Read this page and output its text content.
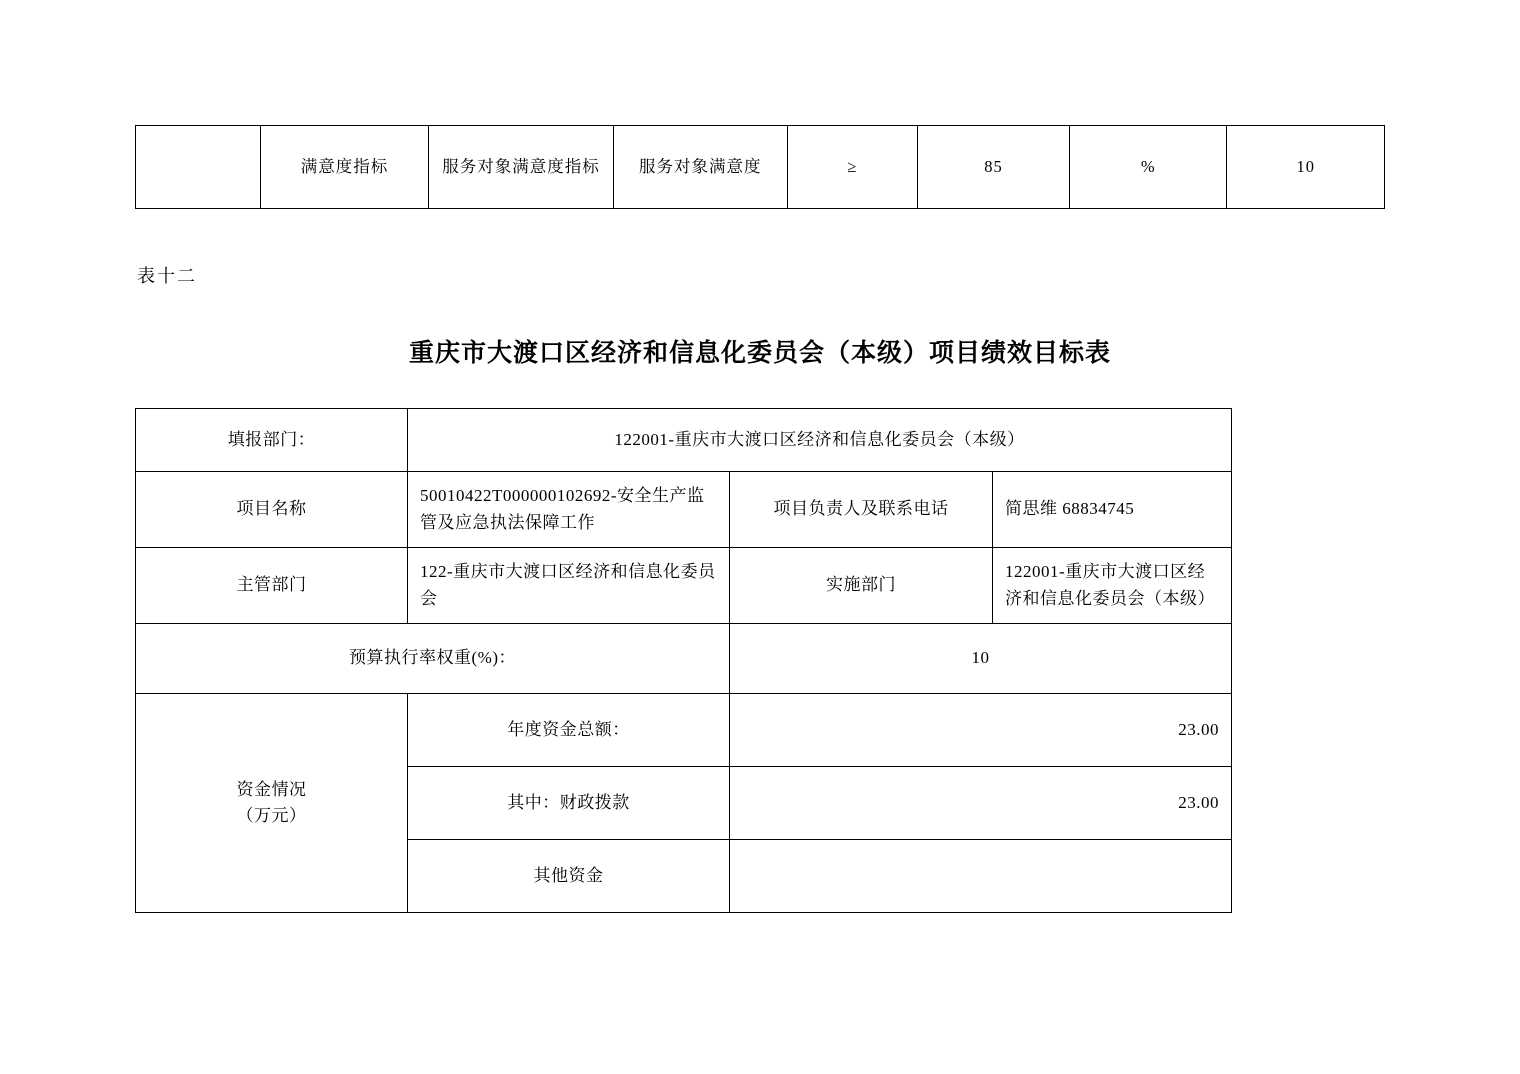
	满意度指标	服务对象满意度指标	服务对象满意度	≥	85	%	10
表十二
重庆市大渡口区经济和信息化委员会（本级）项目绩效目标表
填报部门：	122001-重庆市大渡口区经济和信息化委员会（本级）		
项目名称	50010422T000000102692-安全生产监管及应急执法保障工作	项目负责人及联系电话	简思维 68834745
主管部门	122-重庆市大渡口区经济和信息化委员会	实施部门	122001-重庆市大渡口区经济和信息化委员会（本级）
预算执行率权重(%)：		10	

资金情况
（万元）	年度资金总额：	23.00	
	其中：财政拨款	23.00	
	其他资金		
